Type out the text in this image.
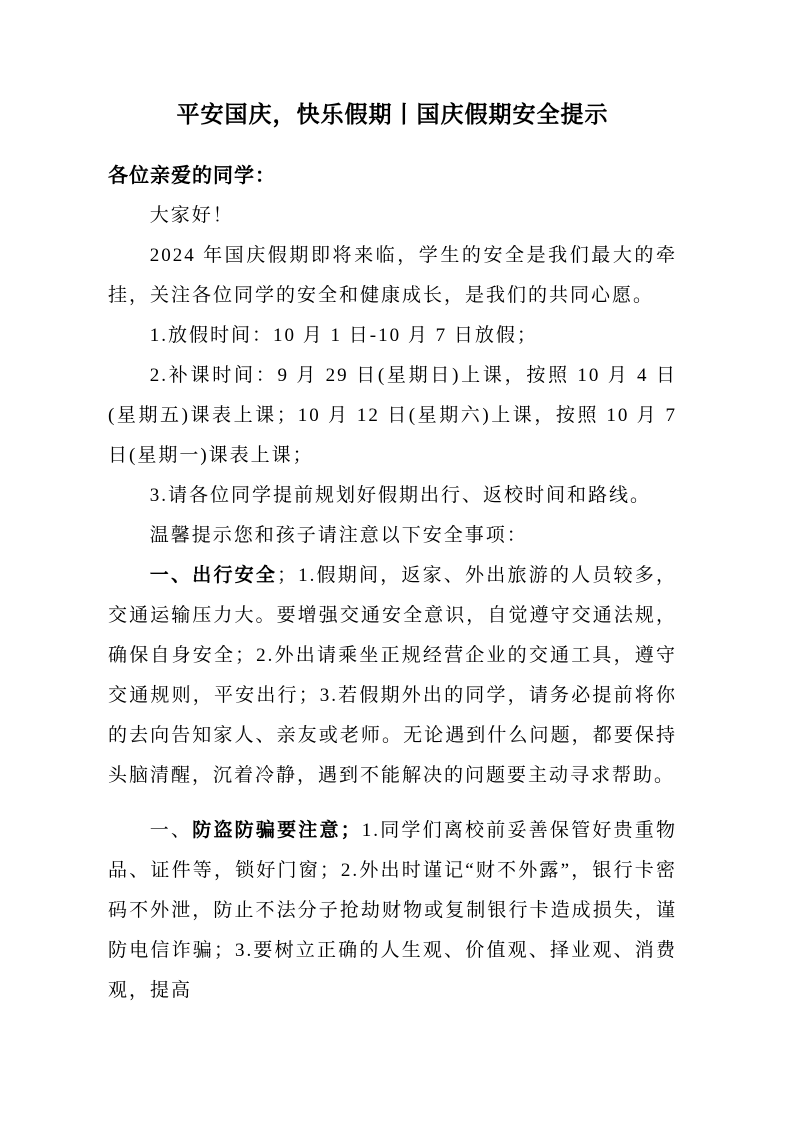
平安国庆，快乐假期丨国庆假期安全提示

各位亲爱的同学：

大家好！

2024 年国庆假期即将来临，学生的安全是我们最大的牵挂，关注各位同学的安全和健康成长，是我们的共同心愿。

1.放假时间：10 月 1 日-10 月 7 日放假；

2.补课时间：9 月 29 日(星期日)上课，按照 10 月 4 日(星期五)课表上课；10 月 12 日(星期六)上课，按照 10 月 7 日(星期一)课表上课；

3.请各位同学提前规划好假期出行、返校时间和路线。

温馨提示您和孩子请注意以下安全事项：

一、出行安全；1.假期间，返家、外出旅游的人员较多，交通运输压力大。要增强交通安全意识，自觉遵守交通法规，确保自身安全；2.外出请乘坐正规经营企业的交通工具，遵守交通规则，平安出行；3.若假期外出的同学，请务必提前将你的去向告知家人、亲友或老师。无论遇到什么问题，都要保持头脑清醒，沉着冷静，遇到不能解决的问题要主动寻求帮助。

一、防盗防骗要注意；1.同学们离校前妥善保管好贵重物品、证件等，锁好门窗；2.外出时谨记“财不外露”，银行卡密码不外泄，防止不法分子抢劫财物或复制银行卡造成损失，谨防电信诈骗；3.要树立正确的人生观、价值观、择业观、消费观，提高
